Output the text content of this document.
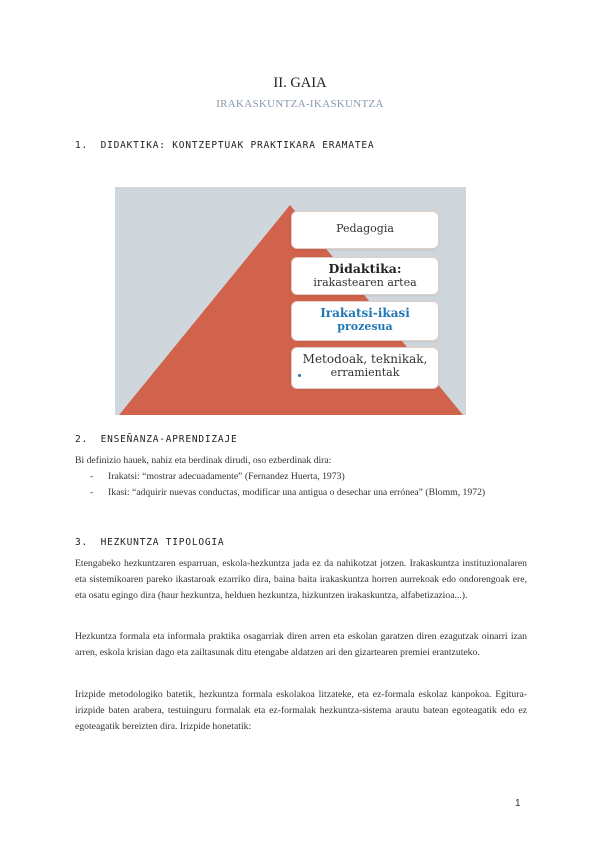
II. GAIA
IRAKASKUNTZA-IKASKUNTZA
1. DIDAKTIKA: KONTZEPTUAK PRAKTIKARA ERAMATEA
Pedagogia
Didaktika:
irakastearen artea
Irakatsi-ikasi
prozesua
Metodoak, teknikak,
erramientak
2. ENSEÑANZA-APRENDIZAJE
Bi definizio hauek, nahiz eta berdinak dirudi, oso ezberdinak dira:
- Irakatsi: “mostrar adecuadamente” (Fernandez Huerta, 1973)
- Ikasi: “adquirir nuevas conductas, modificar una antigua o desechar una errónea” (Blomm, 1972)
3. HEZKUNTZA TIPOLOGIA

Etengabeko hezkuntzaren esparruan, eskola-hezkuntza jada ez da nahikotzat jotzen. Irakaskuntza instituzionalaren eta sistemikoaren pareko ikastaroak ezarriko dira, baina baita irakaskuntza horren aurrekoak edo ondorengoak ere, eta osatu egingo dira (haur hezkuntza, helduen hezkuntza, hizkuntzen irakaskuntza, alfabetizazioa...).

Hezkuntza formala eta informala praktika osagarriak diren arren eta eskolan garatzen diren ezagutzak oinarri izan arren, eskola krisian dago eta zailtasunak ditu etengabe aldatzen ari den gizartearen premiei erantzuteko.

Irizpide metodologiko batetik, hezkuntza formala eskolakoa litzateke, eta ez-formala eskolaz kanpokoa. Egitura-irizpide baten arabera, testuinguru formalak eta ez-formalak hezkuntza-sistema arautu batean egoteagatik edo ez egoteagatik bereizten dira. Irizpide honetatik:

1
